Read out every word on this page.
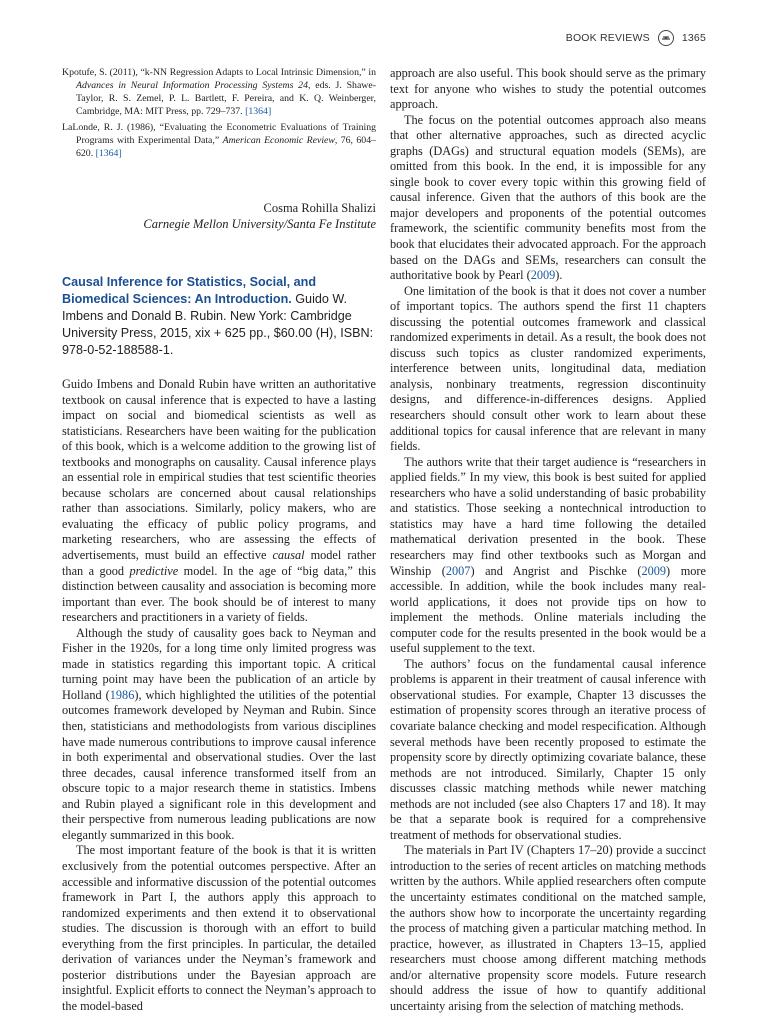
BOOK REVIEWS	1365

Kpotufe, S. (2011), “k-NN Regression Adapts to Local Intrinsic Dimension,” in Advances in Neural Information Processing Systems 24, eds. J. Shawe-Taylor, R. S. Zemel, P. L. Bartlett, F. Pereira, and K. Q. Weinberger, Cambridge, MA: MIT Press, pp. 729–737. [1364]

LaLonde, R. J. (1986), “Evaluating the Econometric Evaluations of Training Programs with Experimental Data,” American Economic Review, 76, 604–620. [1364]

Cosma Rohilla Shalizi
Carnegie Mellon University/Santa Fe Institute
Causal Inference for Statistics, Social, and Biomedical Sciences: An Introduction. Guido W. Imbens and Donald B. Rubin. New York: Cambridge University Press, 2015, xix + 625 pp., $60.00 (H), ISBN: 978-0-52-188588-1.

Guido Imbens and Donald Rubin have written an authoritative textbook on causal inference that is expected to have a lasting impact on social and biomedical scientists as well as statisticians. Researchers have been waiting for the publication of this book, which is a welcome addition to the growing list of textbooks and monographs on causality. Causal inference plays an essential role in empirical studies that test scientific theories because scholars are concerned about causal relationships rather than associations. Similarly, policy makers, who are evaluating the efficacy of public policy programs, and marketing researchers, who are assessing the effects of advertisements, must build an effective causal model rather than a good predictive model. In the age of “big data,” this distinction between causality and association is becoming more important than ever. The book should be of interest to many researchers and practitioners in a variety of fields.

Although the study of causality goes back to Neyman and Fisher in the 1920s, for a long time only limited progress was made in statistics regarding this important topic. A critical turning point may have been the publication of an article by Holland (1986), which highlighted the utilities of the potential outcomes framework developed by Neyman and Rubin. Since then, statisticians and methodologists from various disciplines have made numerous contributions to improve causal inference in both experimental and observational studies. Over the last three decades, causal inference transformed itself from an obscure topic to a major research theme in statistics. Imbens and Rubin played a significant role in this development and their perspective from numerous leading publications are now elegantly summarized in this book.

The most important feature of the book is that it is written exclusively from the potential outcomes perspective. After an accessible and informative discussion of the potential outcomes framework in Part I, the authors apply this approach to randomized experiments and then extend it to observational studies. The discussion is thorough with an effort to build everything from the first principles. In particular, the detailed derivation of variances under the Neyman’s framework and posterior distributions under the Bayesian approach are insightful. Explicit efforts to connect the Neyman’s approach to the model-based

approach are also useful. This book should serve as the primary text for anyone who wishes to study the potential outcomes approach.

The focus on the potential outcomes approach also means that other alternative approaches, such as directed acyclic graphs (DAGs) and structural equation models (SEMs), are omitted from this book. In the end, it is impossible for any single book to cover every topic within this growing field of causal inference. Given that the authors of this book are the major developers and proponents of the potential outcomes framework, the scientific community benefits most from the book that elucidates their advocated approach. For the approach based on the DAGs and SEMs, researchers can consult the authoritative book by Pearl (2009).

One limitation of the book is that it does not cover a number of important topics. The authors spend the first 11 chapters discussing the potential outcomes framework and classical randomized experiments in detail. As a result, the book does not discuss such topics as cluster randomized experiments, interference between units, longitudinal data, mediation analysis, nonbinary treatments, regression discontinuity designs, and difference-in-differences designs. Applied researchers should consult other work to learn about these additional topics for causal inference that are relevant in many fields.

The authors write that their target audience is “researchers in applied fields.” In my view, this book is best suited for applied researchers who have a solid understanding of basic probability and statistics. Those seeking a nontechnical introduction to statistics may have a hard time following the detailed mathematical derivation presented in the book. These researchers may find other textbooks such as Morgan and Winship (2007) and Angrist and Pischke (2009) more accessible. In addition, while the book includes many real-world applications, it does not provide tips on how to implement the methods. Online materials including the computer code for the results presented in the book would be a useful supplement to the text.

The authors’ focus on the fundamental causal inference problems is apparent in their treatment of causal inference with observational studies. For example, Chapter 13 discusses the estimation of propensity scores through an iterative process of covariate balance checking and model respecification. Although several methods have been recently proposed to estimate the propensity score by directly optimizing covariate balance, these methods are not introduced. Similarly, Chapter 15 only discusses classic matching methods while newer matching methods are not included (see also Chapters 17 and 18). It may be that a separate book is required for a comprehensive treatment of methods for observational studies.

The materials in Part IV (Chapters 17–20) provide a succinct introduction to the series of recent articles on matching methods written by the authors. While applied researchers often compute the uncertainty estimates conditional on the matched sample, the authors show how to incorporate the uncertainty regarding the process of matching given a particular matching method. In practice, however, as illustrated in Chapters 13–15, applied researchers must choose among different matching methods and/or alternative propensity score models. Future research should address the issue of how to quantify additional uncertainty arising from the selection of matching methods.
